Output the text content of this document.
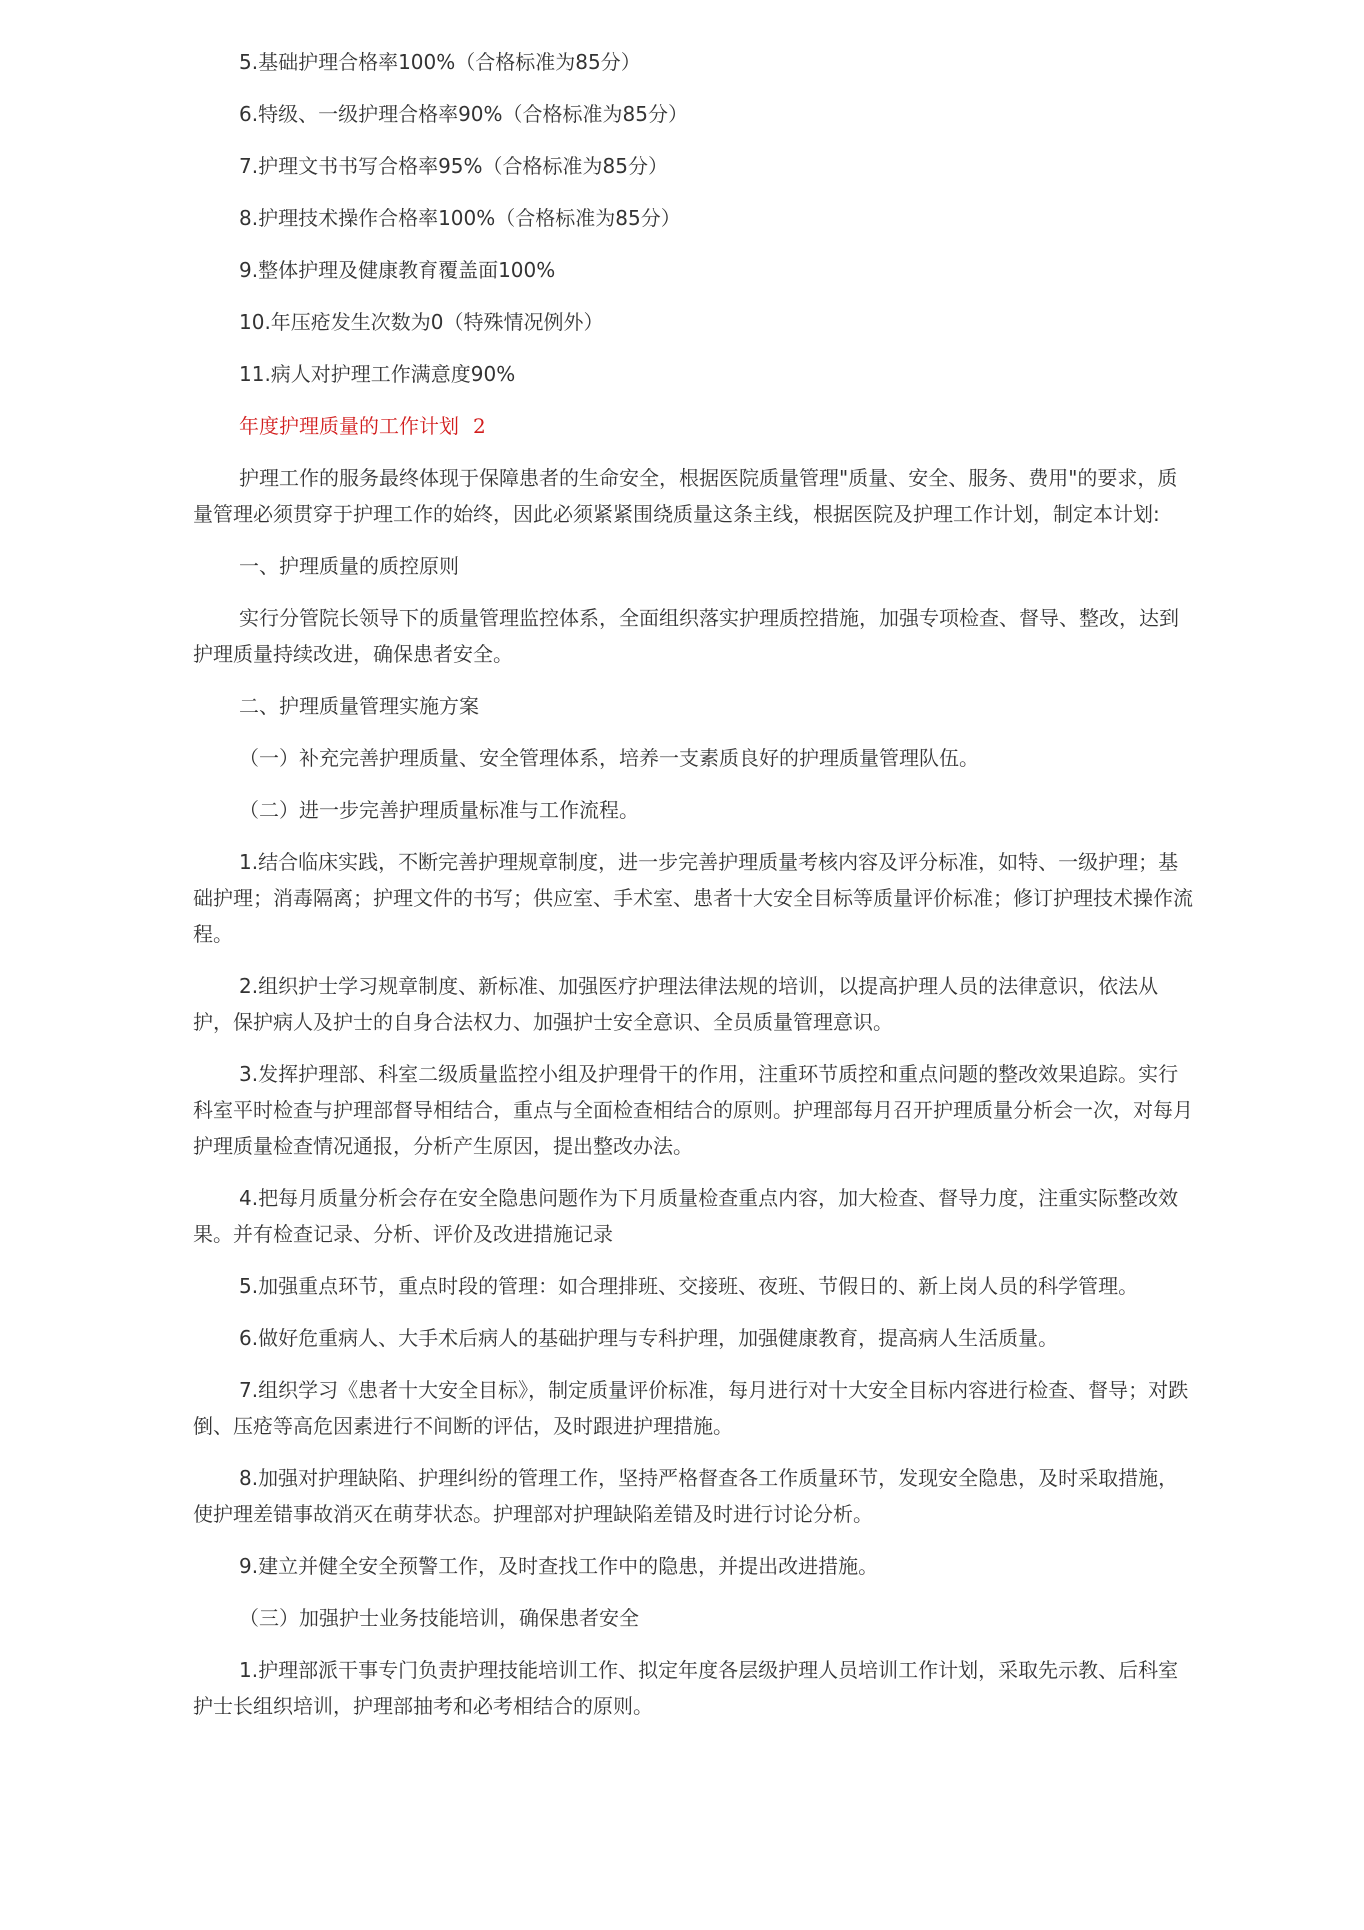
5.基础护理合格率100%（合格标准为85分）

6.特级、一级护理合格率90%（合格标准为85分）

7.护理文书书写合格率95%（合格标准为85分）

8.护理技术操作合格率100%（合格标准为85分）

9.整体护理及健康教育覆盖面100%

10.年压疮发生次数为0（特殊情况例外）

11.病人对护理工作满意度90%

年度护理质量的工作计划 2

护理工作的服务最终体现于保障患者的生命安全，根据医院质量管理"质量、安全、服务、费用"的要求，质量管理必须贯穿于护理工作的始终，因此必须紧紧围绕质量这条主线，根据医院及护理工作计划，制定本计划:

一、护理质量的质控原则

实行分管院长领导下的质量管理监控体系，全面组织落实护理质控措施，加强专项检查、督导、整改，达到护理质量持续改进，确保患者安全。

二、护理质量管理实施方案

（一）补充完善护理质量、安全管理体系，培养一支素质良好的护理质量管理队伍。

（二）进一步完善护理质量标准与工作流程。

1.结合临床实践，不断完善护理规章制度，进一步完善护理质量考核内容及评分标准，如特、一级护理；基础护理；消毒隔离；护理文件的书写；供应室、手术室、患者十大安全目标等质量评价标准；修订护理技术操作流程。

2.组织护士学习规章制度、新标准、加强医疗护理法律法规的培训，以提高护理人员的法律意识，依法从护，保护病人及护士的自身合法权力、加强护士安全意识、全员质量管理意识。

3.发挥护理部、科室二级质量监控小组及护理骨干的作用，注重环节质控和重点问题的整改效果追踪。实行科室平时检查与护理部督导相结合，重点与全面检查相结合的原则。护理部每月召开护理质量分析会一次，对每月护理质量检查情况通报，分析产生原因，提出整改办法。

4.把每月质量分析会存在安全隐患问题作为下月质量检查重点内容，加大检查、督导力度，注重实际整改效果。并有检查记录、分析、评价及改进措施记录

5.加强重点环节，重点时段的管理：如合理排班、交接班、夜班、节假日的、新上岗人员的科学管理。

6.做好危重病人、大手术后病人的基础护理与专科护理，加强健康教育，提高病人生活质量。

7.组织学习《患者十大安全目标》，制定质量评价标准，每月进行对十大安全目标内容进行检查、督导；对跌倒、压疮等高危因素进行不间断的评估，及时跟进护理措施。

8.加强对护理缺陷、护理纠纷的管理工作，坚持严格督查各工作质量环节，发现安全隐患，及时采取措施，使护理差错事故消灭在萌芽状态。护理部对护理缺陷差错及时进行讨论分析。

9.建立并健全安全预警工作，及时查找工作中的隐患，并提出改进措施。

（三）加强护士业务技能培训，确保患者安全

1.护理部派干事专门负责护理技能培训工作、拟定年度各层级护理人员培训工作计划，采取先示教、后科室护士长组织培训，护理部抽考和必考相结合的原则。
